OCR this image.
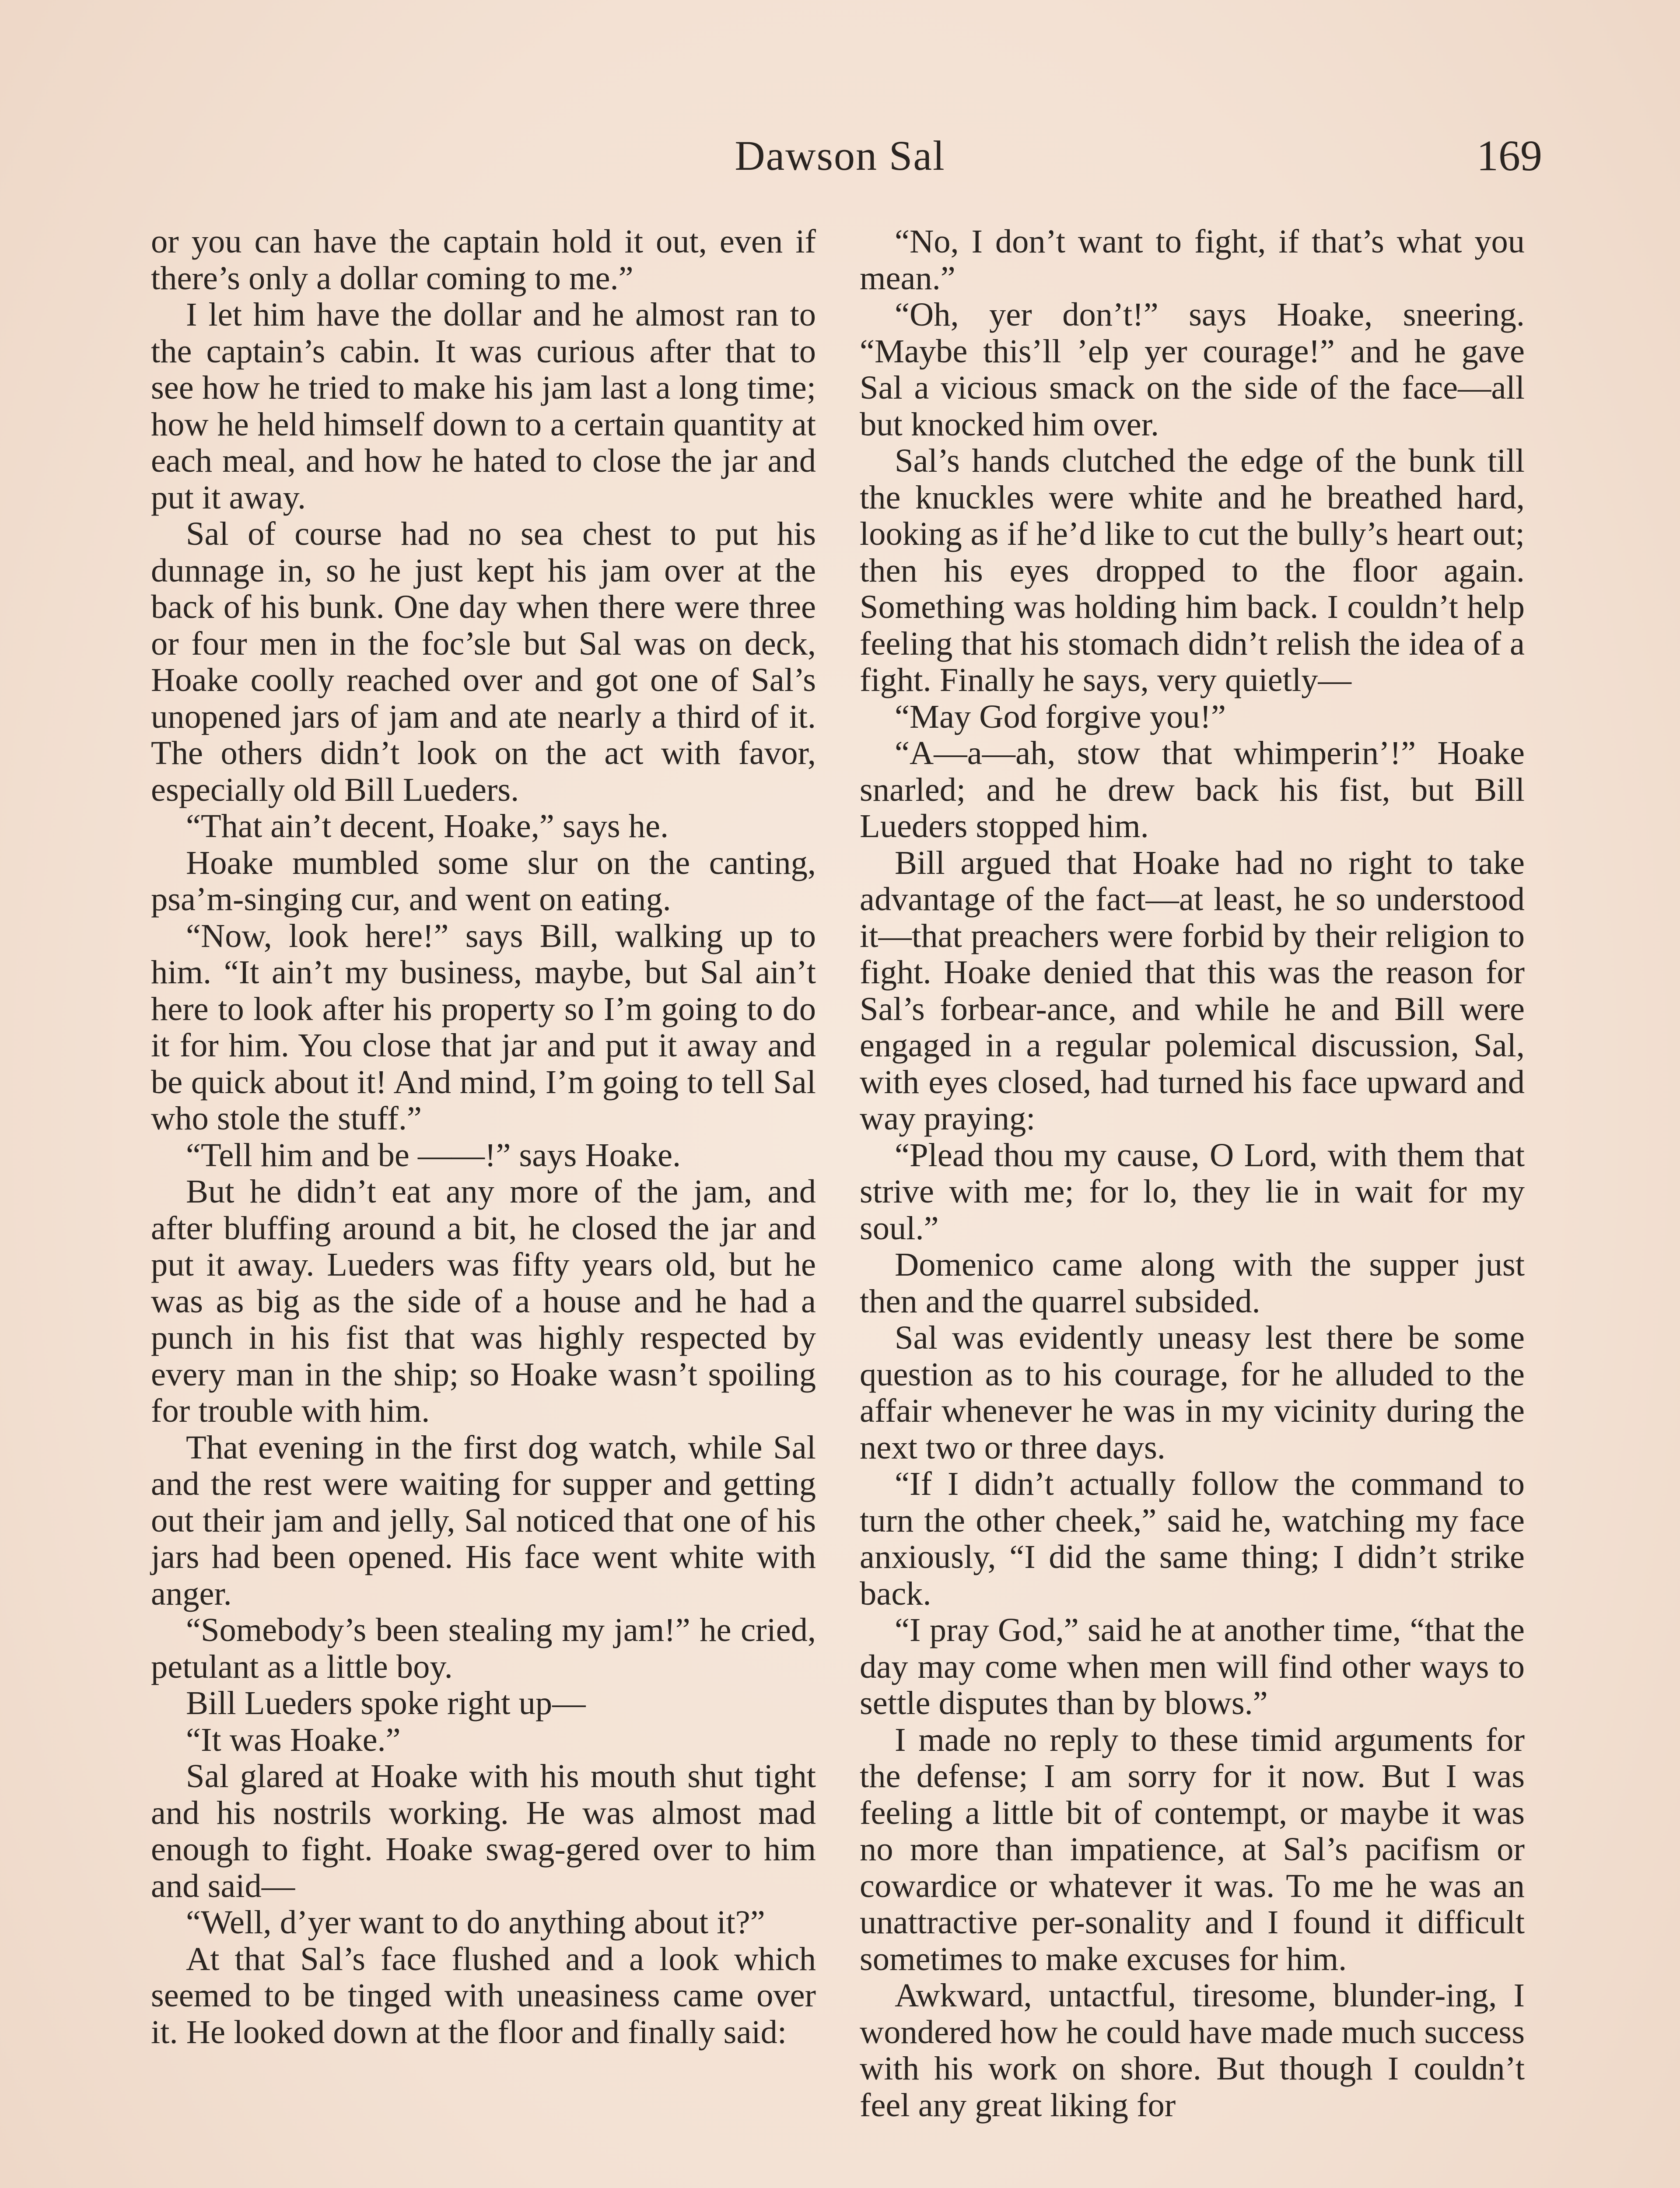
Dawson Sal	169

or you can have the captain hold it out, even if there’s only a dollar coming to me.”

I let him have the dollar and he almost ran to the captain’s cabin. It was curious after that to see how he tried to make his jam last a long time; how he held himself down to a certain quantity at each meal, and how he hated to close the jar and put it away.

Sal of course had no sea chest to put his dunnage in, so he just kept his jam over at the back of his bunk. One day when there were three or four men in the foc’sle but Sal was on deck, Hoake coolly reached over and got one of Sal’s unopened jars of jam and ate nearly a third of it. The others didn’t look on the act with favor, especially old Bill Lueders.

“That ain’t decent, Hoake,” says he.

Hoake mumbled some slur on the canting, psa’m-singing cur, and went on eating.

“Now, look here!” says Bill, walking up to him. “It ain’t my business, maybe, but Sal ain’t here to look after his property so I’m going to do it for him. You close that jar and put it away and be quick about it! And mind, I’m going to tell Sal who stole the stuff.”

“Tell him and be ——!” says Hoake.

But he didn’t eat any more of the jam, and after bluffing around a bit, he closed the jar and put it away. Lueders was fifty years old, but he was as big as the side of a house and he had a punch in his fist that was highly respected by every man in the ship; so Hoake wasn’t spoiling for trouble with him.

That evening in the first dog watch, while Sal and the rest were waiting for supper and getting out their jam and jelly, Sal noticed that one of his jars had been opened. His face went white with anger.

“Somebody’s been stealing my jam!” he cried, petulant as a little boy.

Bill Lueders spoke right up—

“It was Hoake.”

Sal glared at Hoake with his mouth shut tight and his nostrils working. He was almost mad enough to fight. Hoake swag-gered over to him and said—

“Well, d’yer want to do anything about it?”

At that Sal’s face flushed and a look which seemed to be tinged with uneasiness came over it. He looked down at the floor and finally said:

“No, I don’t want to fight, if that’s what you mean.”

“Oh, yer don’t!” says Hoake, sneering. “Maybe this’ll ’elp yer courage!” and he gave Sal a vicious smack on the side of the face—all but knocked him over.

Sal’s hands clutched the edge of the bunk till the knuckles were white and he breathed hard, looking as if he’d like to cut the bully’s heart out; then his eyes dropped to the floor again. Something was holding him back. I couldn’t help feeling that his stomach didn’t relish the idea of a fight. Finally he says, very quietly—

“May God forgive you!”

“A—a—ah, stow that whimperin’!” Hoake snarled; and he drew back his fist, but Bill Lueders stopped him.

Bill argued that Hoake had no right to take advantage of the fact—at least, he so understood it—that preachers were forbid by their religion to fight. Hoake denied that this was the reason for Sal’s forbear-ance, and while he and Bill were engaged in a regular polemical discussion, Sal, with eyes closed, had turned his face upward and way praying:

“Plead thou my cause, O Lord, with them that strive with me; for lo, they lie in wait for my soul.”

Domenico came along with the supper just then and the quarrel subsided.

Sal was evidently uneasy lest there be some question as to his courage, for he alluded to the affair whenever he was in my vicinity during the next two or three days.

“If I didn’t actually follow the command to turn the other cheek,” said he, watching my face anxiously, “I did the same thing; I didn’t strike back.

“I pray God,” said he at another time, “that the day may come when men will find other ways to settle disputes than by blows.”

I made no reply to these timid arguments for the defense; I am sorry for it now. But I was feeling a little bit of contempt, or maybe it was no more than impatience, at Sal’s pacifism or cowardice or whatever it was. To me he was an unattractive per-sonality and I found it difficult sometimes to make excuses for him.

Awkward, untactful, tiresome, blunder-ing, I wondered how he could have made much success with his work on shore. But though I couldn’t feel any great liking for
